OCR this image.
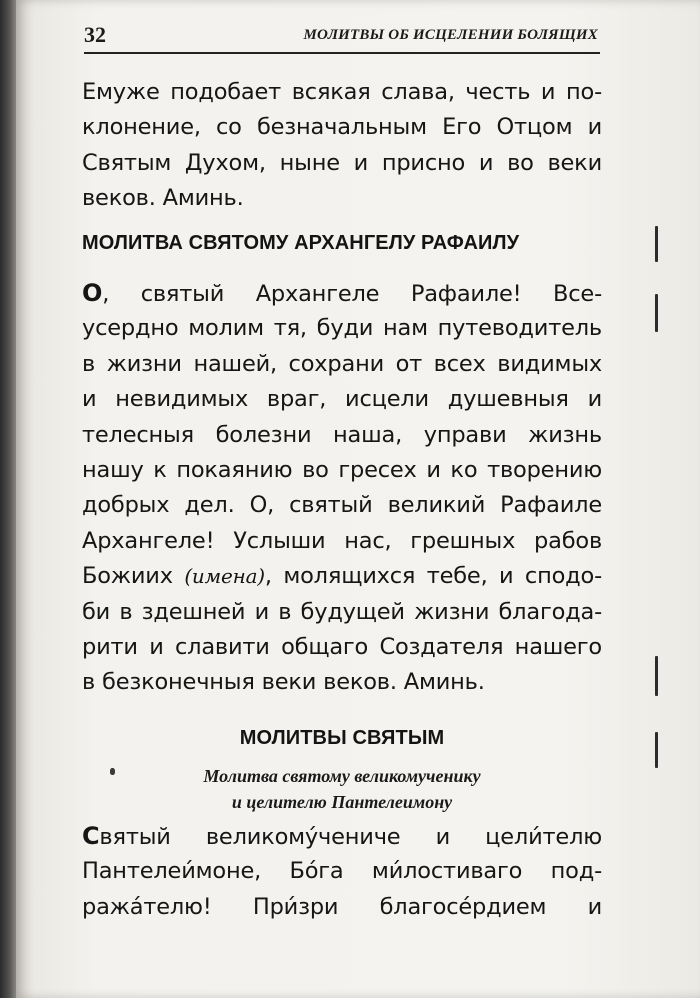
32	МОЛИТВЫ ОБ ИСЦЕЛЕНИИ БОЛЯЩИХ
Емуже подобает всякая слава, честь и по-
клонение, со безначальным Его Отцом и
Святым Духом, ныне и присно и во веки
веков. Аминь.
МОЛИТВА СВЯТОМУ АРХАНГЕЛУ РАФАИЛУ
О, святый Архангеле Рафаиле! Все-
усердно молим тя, буди нам путеводитель
в жизни нашей, сохрани от всех видимых
и невидимых враг, исцели душевныя и
телесныя болезни наша, управи жизнь
нашу к покаянию во гресех и ко творению
добрых дел. О, святый великий Рафаиле
Архангеле! Услыши нас, грешных рабов
Божиих (имена), молящихся тебе, и сподо-
би в здешней и в будущей жизни благода-
рити и славити общаго Создателя нашего
в безконечныя веки веков. Аминь.
МОЛИТВЫ СВЯТЫМ
Молитва святому великомученику
и целителю Пантелеимону
Святый великому́чениче и цели́телю
Пантелеи́моне, Бо́га ми́лостиваго под-
ража́телю! При́зри благосе́рдием и
